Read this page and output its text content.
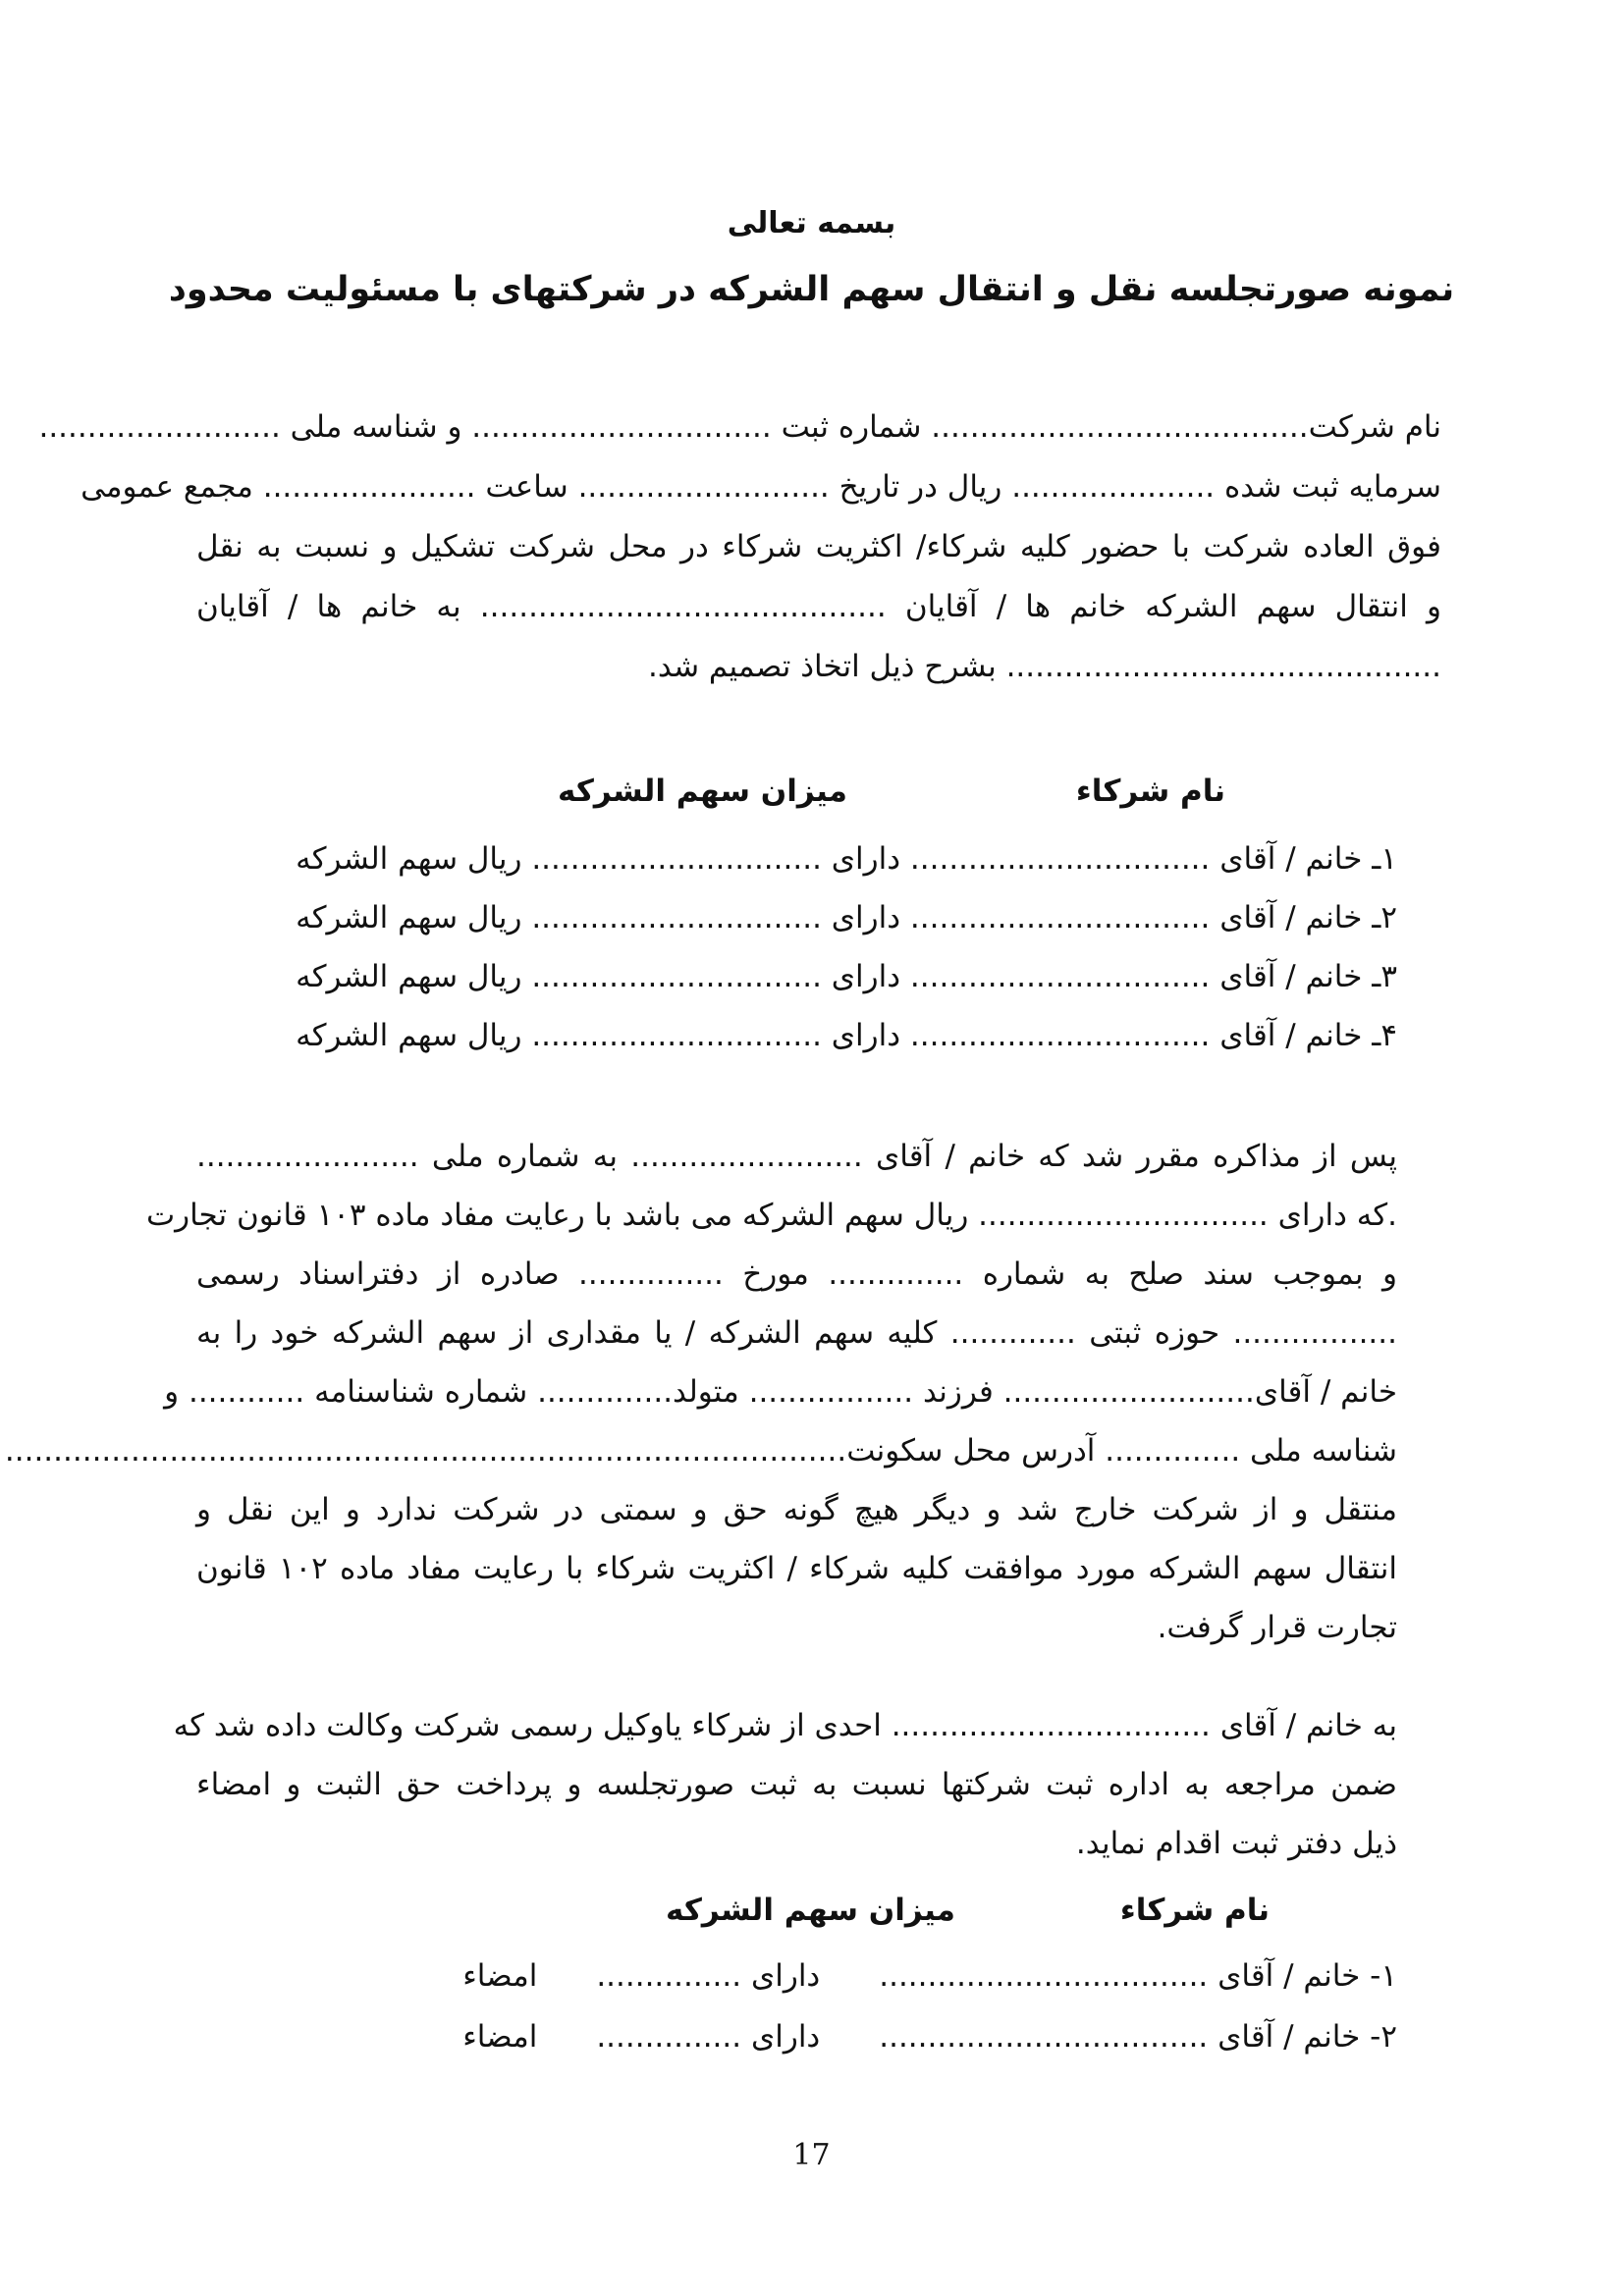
بسمه تعالی
نمونه صورتجلسه نقل و انتقال سهم الشرکه در شرکتهای با مسئولیت محدود
نام شرکت....................................... شماره ثبت ............................... و شناسه ملی .........................
سرمایه ثبت شده ..................... ریال در تاریخ .......................... ساعت ...................... مجمع عمومی
فوق العاده شرکت با حضور کلیه شرکاء/ اکثریت شرکاء در محل شرکت تشکیل و نسبت به نقل
و انتقال سهم الشرکه خانم ها / آقایان .......................................... به خانم ها / آقایان
............................................. بشرح ذیل اتخاذ تصمیم شد.
نام شرکاء
میزان سهم الشرکه
۱ـ خانم / آقای ............................... دارای .............................. ریال سهم الشرکه
۲ـ خانم / آقای ............................... دارای .............................. ریال سهم الشرکه
۳ـ خانم / آقای ............................... دارای .............................. ریال سهم الشرکه
۴ـ خانم / آقای ............................... دارای .............................. ریال سهم الشرکه
پس از مذاکره مقرر شد که خانم / آقای ........................ به شماره ملی .......................
.که دارای .............................. ریال سهم الشرکه می باشد با رعایت مفاد ماده ۱۰۳ قانون تجارت
و بموجب سند صلح به شماره .............. مورخ ............... صادره از دفتراسناد رسمی
................. حوزه ثبتی ............. کلیه سهم الشرکه / یا مقداری از سهم الشرکه خود را به
خانم / آقای.......................... فرزند ................. متولد.............. شماره شناسنامه ............ و
شناسه ملی .............. آدرس محل سکونت.......................................................................................
منتقل و از شرکت خارج شد و دیگر هیچ گونه حق و سمتی در شرکت ندارد و این نقل و
انتقال سهم الشرکه مورد موافقت کلیه شرکاء / اکثریت شرکاء با رعایت مفاد ماده ۱۰۲ قانون
تجارت قرار گرفت.
به خانم / آقای ................................. احدی از شرکاء یاوکیل رسمی شرکت وکالت داده شد که
ضمن مراجعه به اداره ثبت شرکتها نسبت به ثبت صورتجلسه و پرداخت حق الثبت و امضاء
ذیل دفتر ثبت اقدام نماید.
نام شرکاء
میزان سهم الشرکه
۱- خانم / آقای ..................................دارای ...............امضاء
۲- خانم / آقای ..................................دارای ...............امضاء
17
